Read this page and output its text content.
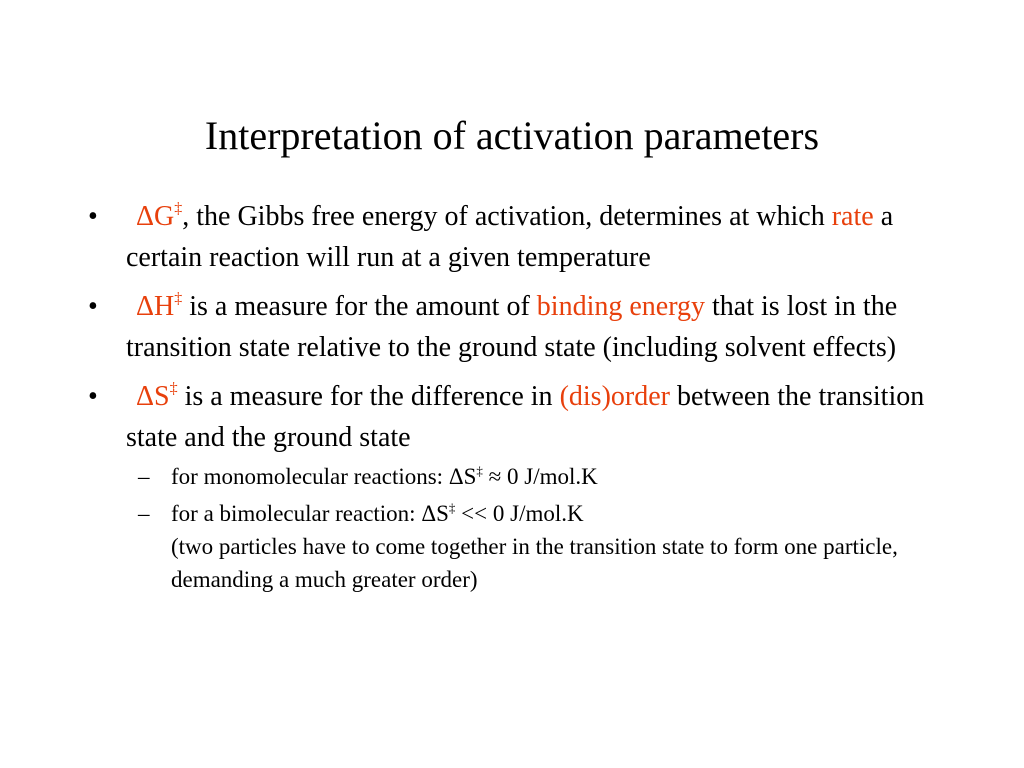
Interpretation of activation parameters
• ΔG‡, the Gibbs free energy of activation, determines at which rate a certain reaction will run at a given temperature
• ΔH‡ is a measure for the amount of binding energy that is lost in the transition state relative to the ground state (including solvent effects)
• ΔS‡ is a measure for the difference in (dis)order between the transition state and the ground state
– for monomolecular reactions: ΔS‡ ≈ 0 J/mol.K
– for a bimolecular reaction: ΔS‡ << 0 J/mol.K
(two particles have to come together in the transition state to form one particle, demanding a much greater order)
